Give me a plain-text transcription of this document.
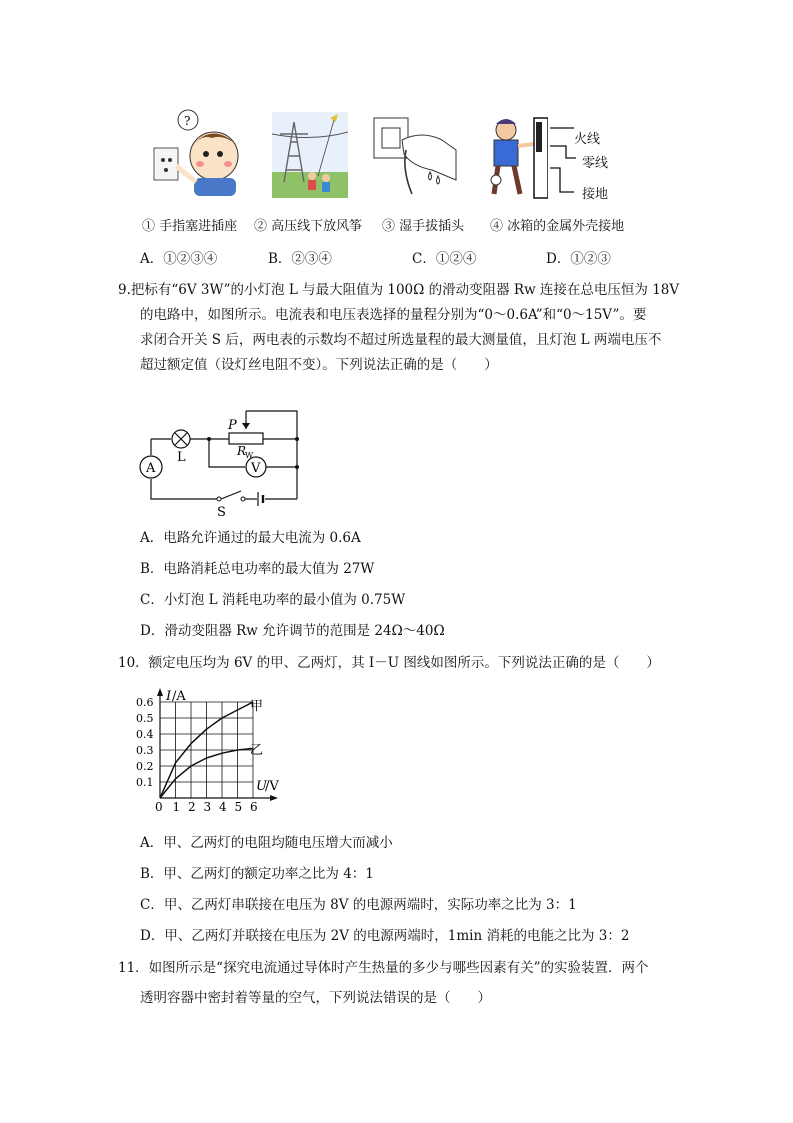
?
火线
零线
接地
① 手指塞进插座 ② 高压线下放风筝 ③ 湿手拔插头 ④ 冰箱的金属外壳接地
A．①②③④	B．②③④	C．①②④	D．①②③
9.把标有“6V 3W”的小灯泡 L 与最大阻值为 100Ω 的滑动变阻器 Rw 连接在总电压恒为 18V
的电路中，如图所示。电流表和电压表选择的量程分别为“0～0.6A”和“0～15V”。要
求闭合开关 S 后，两电表的示数均不超过所选量程的最大测量值，且灯泡 L 两端电压不
超过额定值（设灯丝电阻不变）。下列说法正确的是（　　）
A
L
P
R
W
V
S
A．电路允许通过的最大电流为 0.6A
B．电路消耗总电功率的最大值为 27W
C．小灯泡 L 消耗电功率的最小值为 0.75W
D．滑动变阻器 Rw 允许调节的范围是 24Ω～40Ω
10．额定电压均为 6V 的甲、乙两灯，其 I－U 图线如图所示。下列说法正确的是（　　）
0 1 2 3 4 5 6
0.1
0.2
0.3
0.4
0.5
0.6 I /A
U
/V
甲
乙
A．甲、乙两灯的电阻均随电压增大而减小
B．甲、乙两灯的额定功率之比为 4：1
C．甲、乙两灯串联接在电压为 8V 的电源两端时，实际功率之比为 3：1
D．甲、乙两灯并联接在电压为 2V 的电源两端时，1min 消耗的电能之比为 3：2
11．如图所示是“探究电流通过导体时产生热量的多少与哪些因素有关”的实验装置．两个
透明容器中密封着等量的空气，下列说法错误的是（　　）
